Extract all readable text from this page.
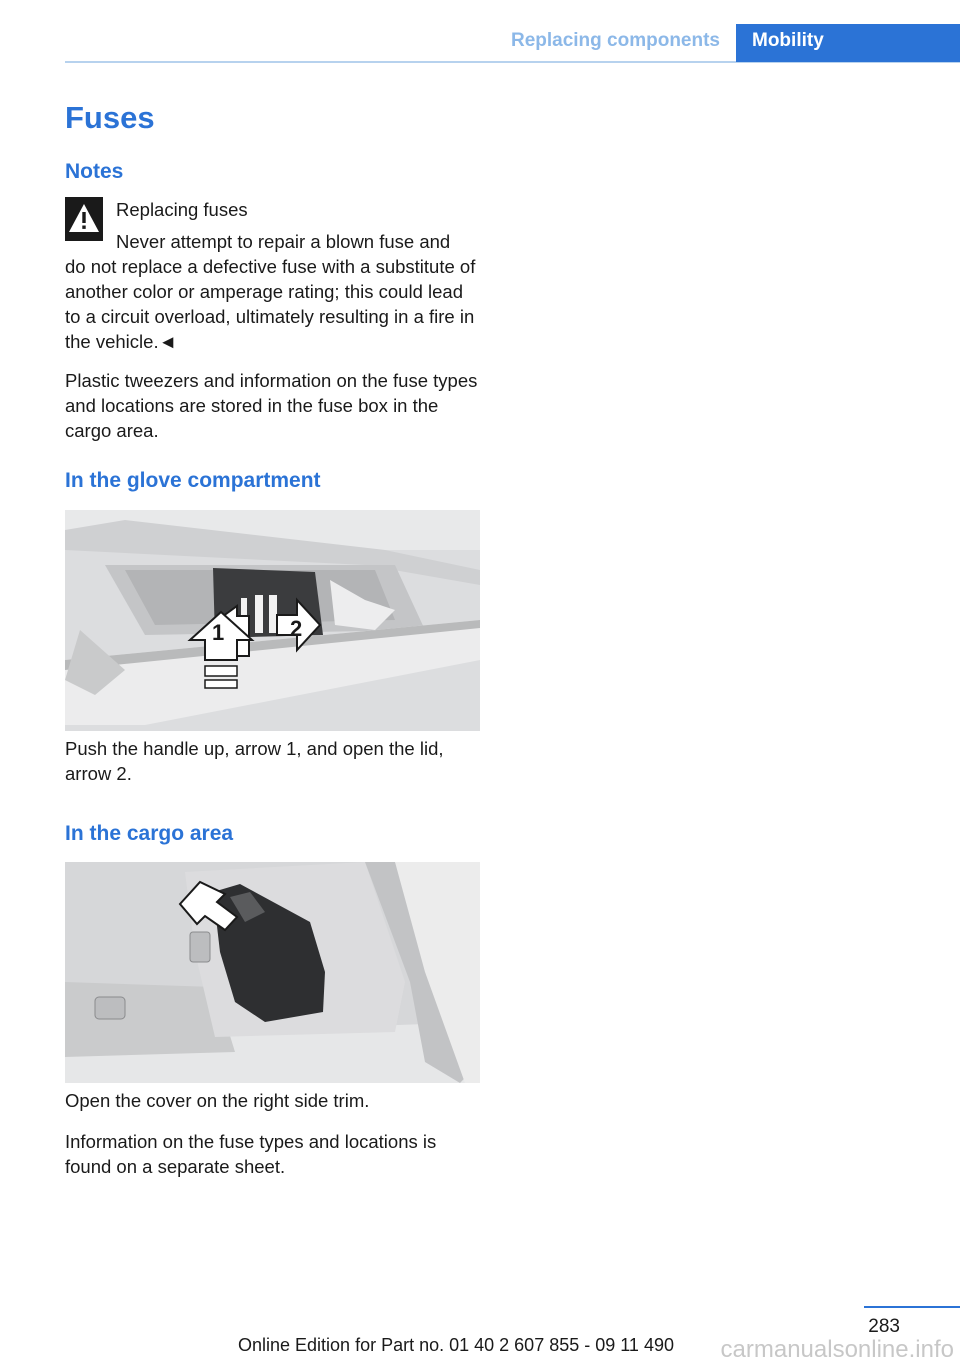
Replacing components	Mobility
Fuses
Notes

Replacing fuses

Never attempt to repair a blown fuse and

do not replace a defective fuse with a substitute of another color or amperage rating; this could lead to a circuit overload, ultimately resulting in a fire in the vehicle.◄

Plastic tweezers and information on the fuse types and locations are stored in the fuse box in the cargo area.

In the glove compartment
1	2

Push the handle up, arrow 1, and open the lid, arrow 2.

In the cargo area

Open the cover on the right side trim.

Information on the fuse types and locations is found on a separate sheet.

283
Online Edition for Part no. 01 40 2 607 855 - 09 11 490 carmanualsonline.info
